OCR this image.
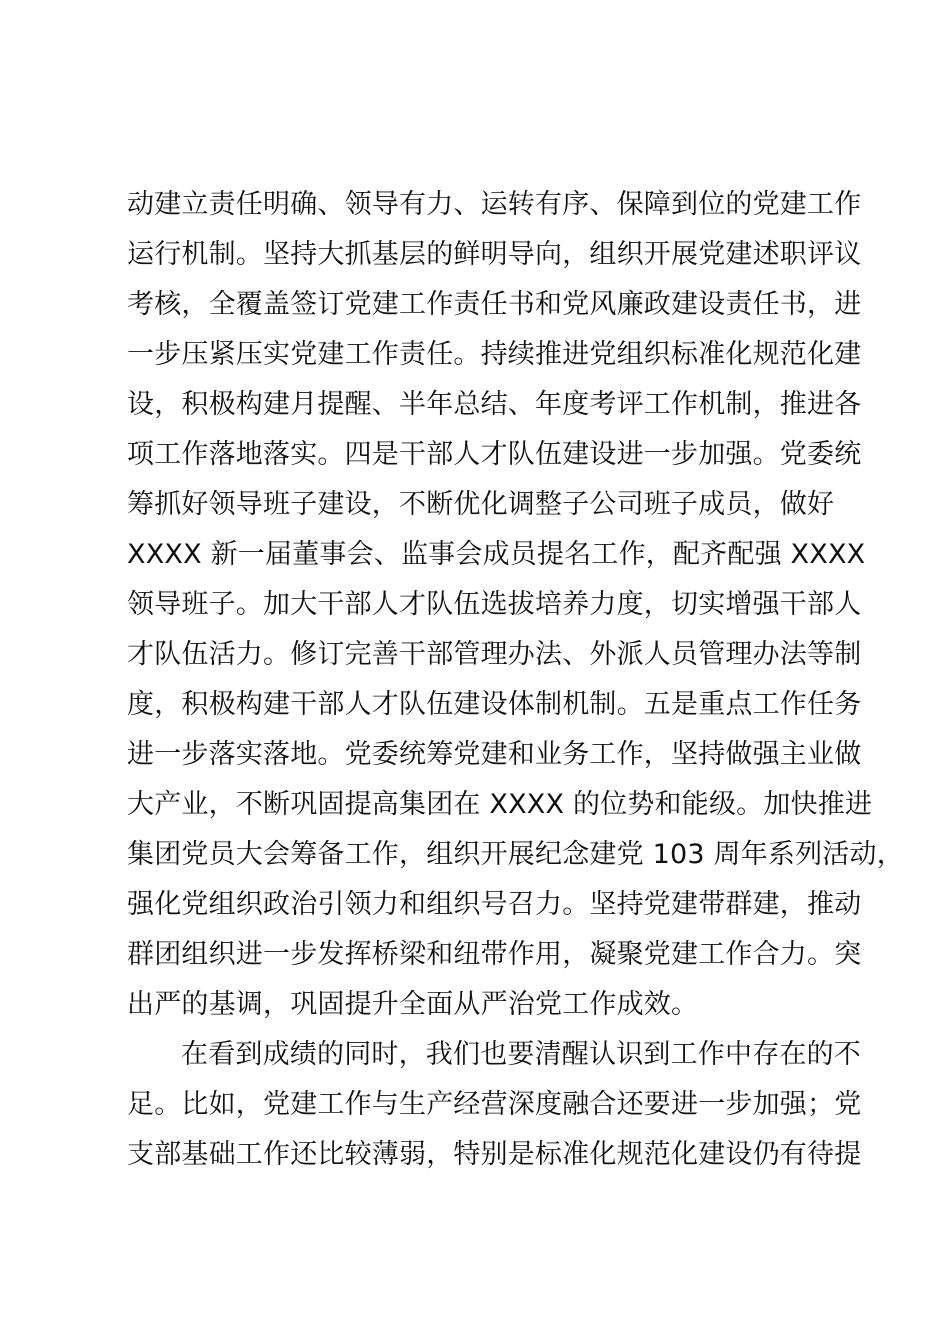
动建立责任明确、领导有力、运转有序、保障到位的党建工作
运行机制。坚持大抓基层的鲜明导向，组织开展党建述职评议
考核，全覆盖签订党建工作责任书和党风廉政建设责任书，进
一步压紧压实党建工作责任。持续推进党组织标准化规范化建
设，积极构建月提醒、半年总结、年度考评工作机制，推进各
项工作落地落实。四是干部人才队伍建设进一步加强。党委统
筹抓好领导班子建设，不断优化调整子公司班子成员，做好
XXXX 新一届董事会、监事会成员提名工作，配齐配强 XXXX
领导班子。加大干部人才队伍选拔培养力度，切实增强干部人
才队伍活力。修订完善干部管理办法、外派人员管理办法等制
度，积极构建干部人才队伍建设体制机制。五是重点工作任务
进一步落实落地。党委统筹党建和业务工作，坚持做强主业做
大产业，不断巩固提高集团在 XXXX 的位势和能级。加快推进
集团党员大会筹备工作，组织开展纪念建党 103 周年系列活动，
强化党组织政治引领力和组织号召力。坚持党建带群建，推动
群团组织进一步发挥桥梁和纽带作用，凝聚党建工作合力。突
出严的基调，巩固提升全面从严治党工作成效。
在看到成绩的同时，我们也要清醒认识到工作中存在的不
足。比如，党建工作与生产经营深度融合还要进一步加强；党
支部基础工作还比较薄弱，特别是标准化规范化建设仍有待提
